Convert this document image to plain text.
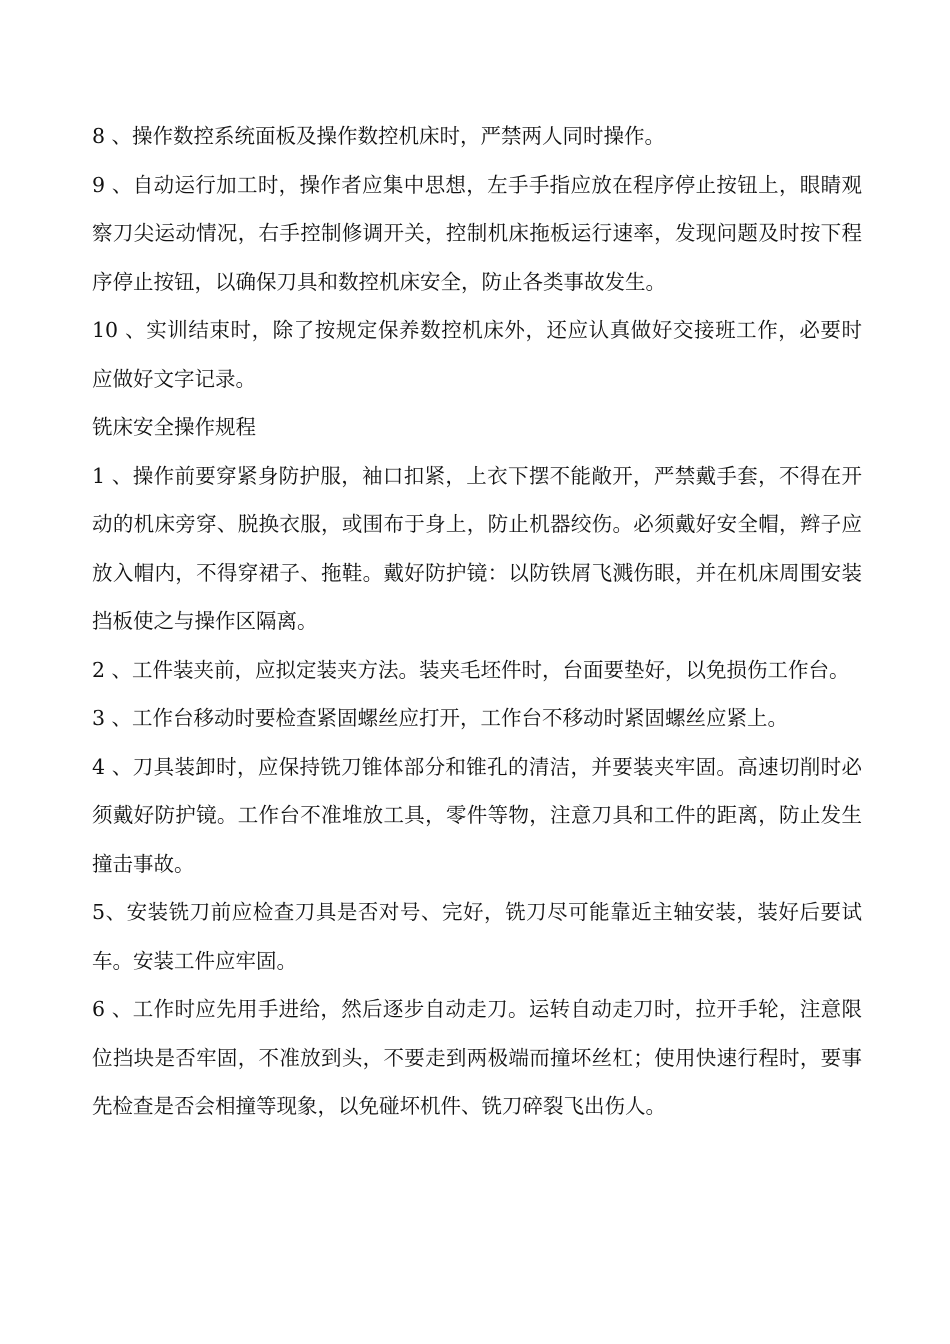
8 、操作数控系统面板及操作数控机床时，严禁两人同时操作。

9 、自动运行加工时，操作者应集中思想，左手手指应放在程序停止按钮上，眼睛观察刀尖运动情况，右手控制修调开关，控制机床拖板运行速率，发现问题及时按下程序停止按钮，以确保刀具和数控机床安全，防止各类事故发生。

10 、实训结束时，除了按规定保养数控机床外，还应认真做好交接班工作，必要时应做好文字记录。

铣床安全操作规程

1 、操作前要穿紧身防护服，袖口扣紧，上衣下摆不能敞开，严禁戴手套，不得在开动的机床旁穿、脱换衣服，或围布于身上，防止机器绞伤。必须戴好安全帽，辫子应放入帽内，不得穿裙子、拖鞋。戴好防护镜：以防铁屑飞溅伤眼，并在机床周围安装挡板使之与操作区隔离。

2 、工件装夹前，应拟定装夹方法。装夹毛坯件时，台面要垫好，以免损伤工作台。

3 、工作台移动时要检查紧固螺丝应打开，工作台不移动时紧固螺丝应紧上。

4 、刀具装卸时，应保持铣刀锥体部分和锥孔的清洁，并要装夹牢固。高速切削时必须戴好防护镜。工作台不准堆放工具，零件等物，注意刀具和工件的距离，防止发生撞击事故。

5、安装铣刀前应检查刀具是否对号、完好，铣刀尽可能靠近主轴安装，装好后要试车。安装工件应牢固。

6 、工作时应先用手进给，然后逐步自动走刀。运转自动走刀时，拉开手轮，注意限位挡块是否牢固，不准放到头，不要走到两极端而撞坏丝杠；使用快速行程时，要事先检查是否会相撞等现象，以免碰坏机件、铣刀碎裂飞出伤人。
